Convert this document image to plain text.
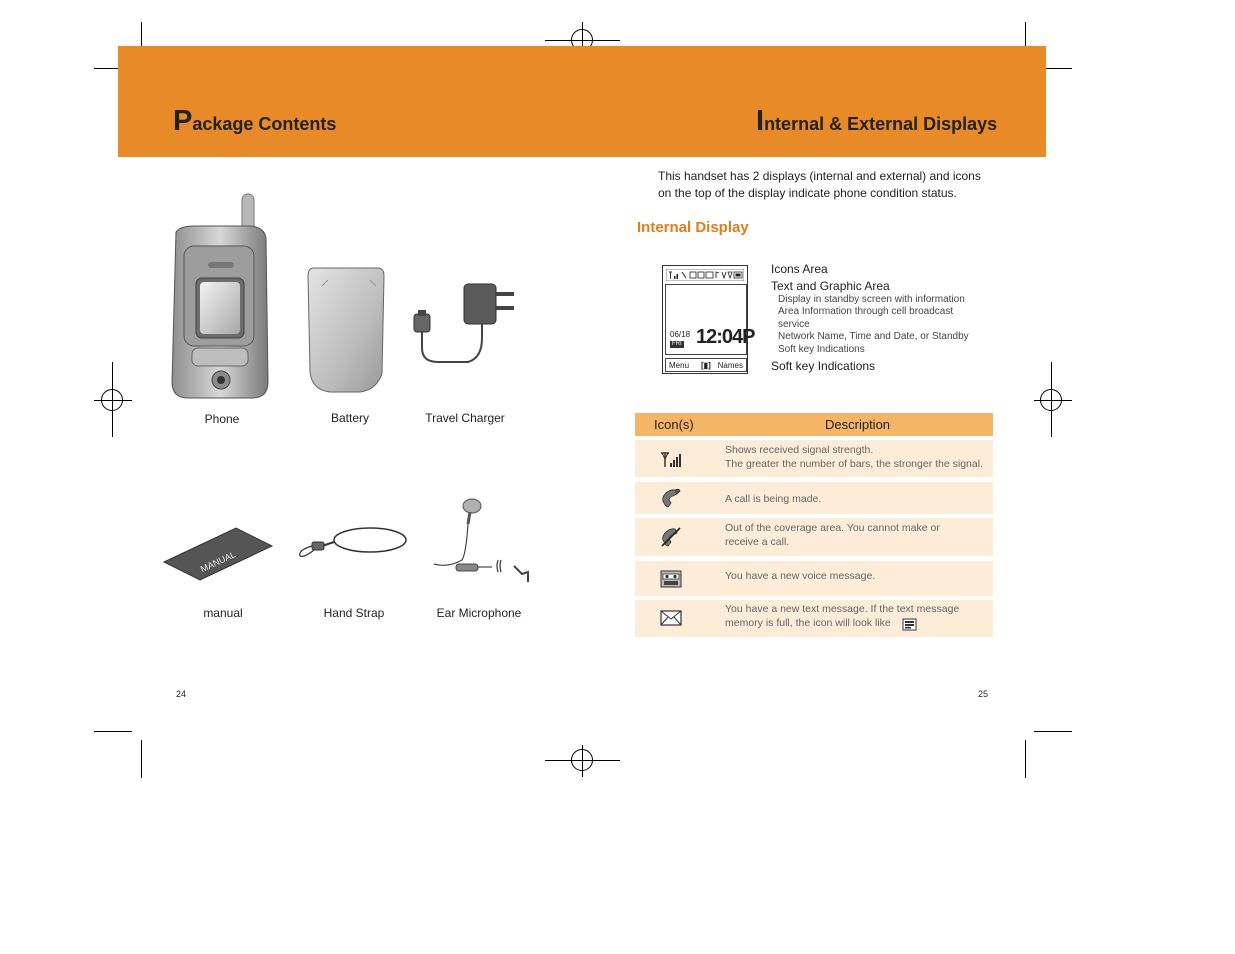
Package Contents	Internal & External Displays
MANUAL
Phone	Battery	Travel Charger
manual	Hand Strap	Ear Microphone
24
This handset has 2 displays (internal and external) and icons on the top of the display indicate phone condition status.
Internal Display
06/18
FRI 12:04P
Menu [▮] Names
Icons Area
Text and Graphic Area
Display in standby screen with information
Area Information through cell broadcast
service
Network Name, Time and Date, or Standby
Soft key Indications
Soft key Indications
Icon(s)	Description
Shows received signal strength.
The greater the number of bars, the stronger the signal.
A call is being made.
Out of the coverage area. You cannot make or
receive a call.
You have a new voice message.
You have a new text message. If the text message
memory is full, the icon will look like
25
